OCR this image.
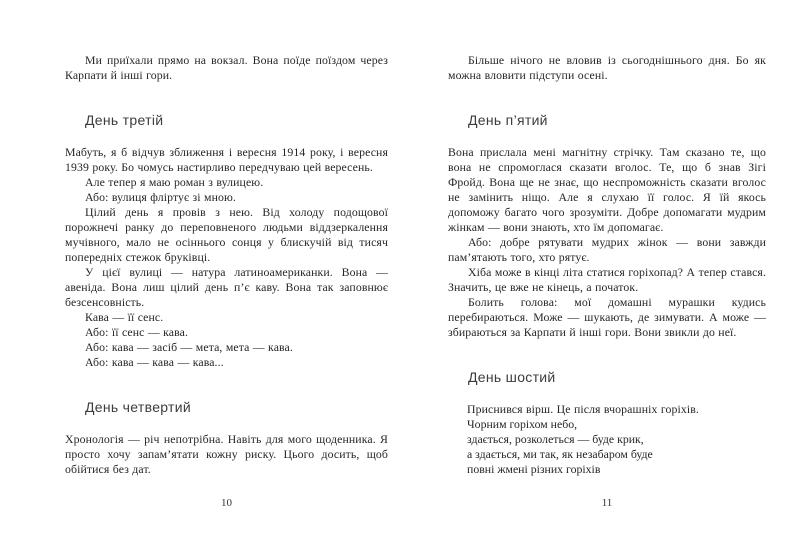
Ми приїхали прямо на вокзал. Вона поїде поїздом через Карпати й інші гори.

День третій

Мабуть, я б відчув зближення і вересня 1914 року, і вересня 1939 року. Бо чомусь настирливо передчуваю цей вересень.

Але тепер я маю роман з вулицею.

Або: вулиця фліртує зі мною.

Цілий день я провів з нею. Від холоду подощової порожнечі ранку до переповненого людьми віддзеркалення мучівного, мало не осіннього сонця у блискучій від тисяч попередніх стежок бруківці.

У цієї вулиці — натура латиноамериканки. Вона — авеніда. Вона лиш цілий день п’є каву. Вона так заповнює безсенсовність.

Кава — її сенс.

Або: її сенс — кава.

Або: кава — засіб — мета, мета — кава.

Або: кава — кава — кава...

День четвертий

Хронологія — річ непотрібна. Навіть для мого щоденника. Я просто хочу запам’ятати кожну риску. Цього досить, щоб обійтися без дат.

10

Більше нічого не вловив із сьогоднішнього дня. Бо як можна вловити підступи осені.

День п’ятий

Вона прислала мені магнітну стрічку. Там сказано те, що вона не спромоглася сказати вголос. Те, що б знав Зігі Фройд. Вона ще не знає, що неспроможність сказати вголос не замінить ніщо. Але я слухаю її голос. Я їй якось допоможу багато чого зрозуміти. Добре допомагати мудрим жінкам — вони знають, хто їм допомагає.

Або: добре рятувати мудрих жінок — вони завжди пам’ятають того, хто рятує.

Хіба може в кінці літа статися горіхопад? А тепер стався. Значить, це вже не кінець, а початок.

Болить голова: мої домашні мурашки кудись перебираються. Може — шукають, де зимувати. А може — збираються за Карпати й інші гори. Вони звикли до неї.

День шостий

Приснився вірш. Це після вчорашніх горіхів.

Чорним горіхом небо,
здається, розколеться — буде крик,
а здається, ми так, як незабаром буде
повні жмені різних горіхів
11
